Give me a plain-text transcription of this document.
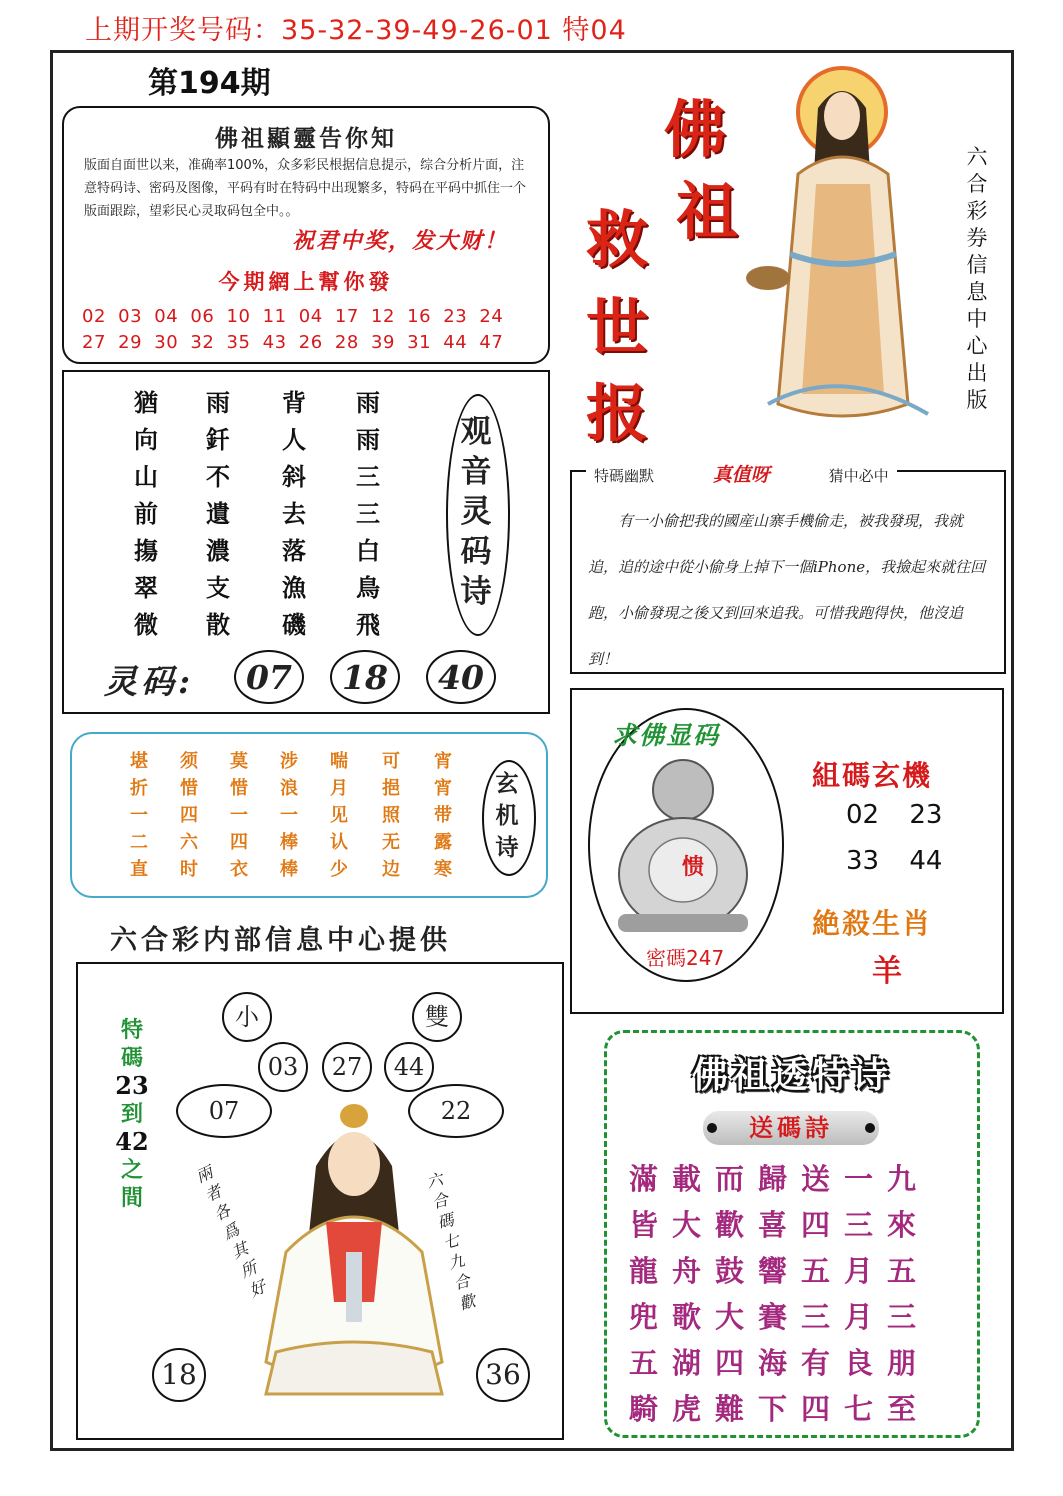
上期开奖号码：35-32-39-49-26-01 特04
第194期
佛祖顯靈告你知
版面自面世以来，准确率100%，众多彩民根据信息提示，综合分析片面，注意特码诗、密码及图像，平码有时在特码中出现繁多，特码在平码中抓住一个版面跟踪，望彩民心灵取码包全中。。
祝君中奖，发大财！
今期網上幫你發
02 03 04 06 10 11 04 17 12 16 23 24
27 29 30 32 35 43 26 28 39 31 44 47
猶向山前摥翠微
雨釺不遺濃支散
背人斜去落漁磯
雨雨三三白鳥飛
观音灵码诗
灵码:	07	18	40
堪折一二直
须惜四六时
莫惜一四衣
涉浪一棒棒
喘月见认少
可挹照无边
宵宵带露寒
玄机诗
六合彩内部信息中心提供
小	雙
03	27	44
07	22
18	36
特碼
23
到
42
之間
兩者各爲其所好
六合碼七九合歡
佛
祖
救
世
报
六合彩券信息中心出版
特碼幽默	真值呀	猜中必中
有一小偷把我的國産山寨手機偷走，被我發現，我就追，追的途中從小偷身上掉下一個iPhone，我撿起來就往回跑，小偷發現之後又到回來追我。可惜我跑得快，他沒追到！
求佛显码
愦
密碼247
組碼玄機
02 23
33 44
絶殺生肖
羊
佛祖透特诗
送碼詩
滿載而歸送一九
皆大歡喜四三來
龍舟鼓響五月五
兜歌大賽三月三
五湖四海有良朋
騎虎難下四七至
